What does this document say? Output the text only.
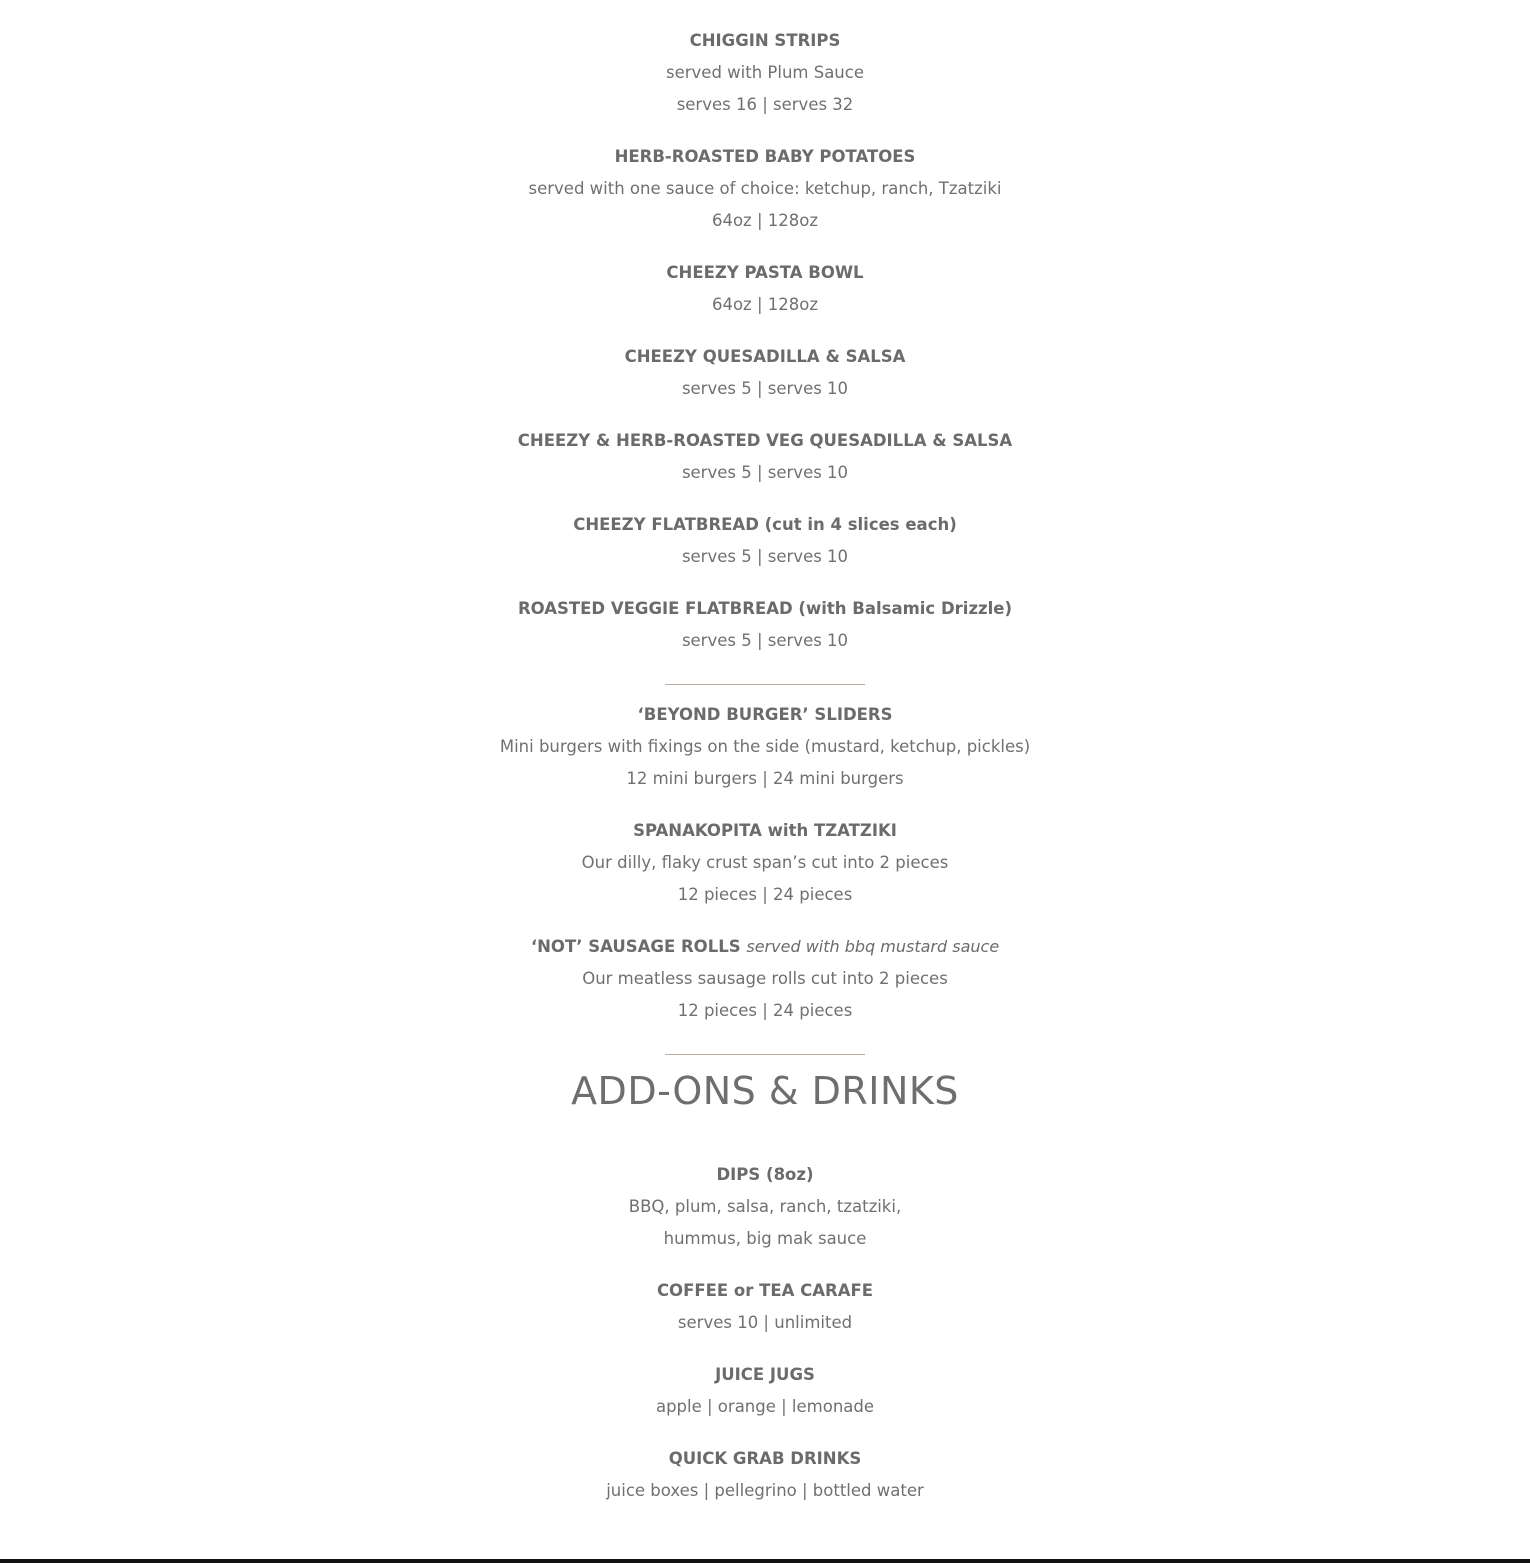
CHIGGIN STRIPS
served with Plum Sauce
serves 16 | serves 32
HERB-ROASTED BABY POTATOES
served with one sauce of choice: ketchup, ranch, Tzatziki
64oz | 128oz
CHEEZY PASTA BOWL
64oz | 128oz
CHEEZY QUESADILLA & SALSA
serves 5 | serves 10
CHEEZY & HERB-ROASTED VEG QUESADILLA & SALSA
serves 5 | serves 10
CHEEZY FLATBREAD (cut in 4 slices each)
serves 5 | serves 10
ROASTED VEGGIE FLATBREAD (with Balsamic Drizzle)
serves 5 | serves 10
‘BEYOND BURGER’ SLIDERS
Mini burgers with fixings on the side (mustard, ketchup, pickles)
12 mini burgers | 24 mini burgers
SPANAKOPITA with TZATZIKI
Our dilly, flaky crust span’s cut into 2 pieces
12 pieces | 24 pieces
‘NOT’ SAUSAGE ROLLS served with bbq mustard sauce
Our meatless sausage rolls cut into 2 pieces
12 pieces | 24 pieces
ADD-ONS & DRINKS
DIPS (8oz)
BBQ, plum, salsa, ranch, tzatziki,
hummus, big mak sauce
COFFEE or TEA CARAFE
serves 10 | unlimited
JUICE JUGS
apple | orange | lemonade
QUICK GRAB DRINKS
juice boxes | pellegrino | bottled water
